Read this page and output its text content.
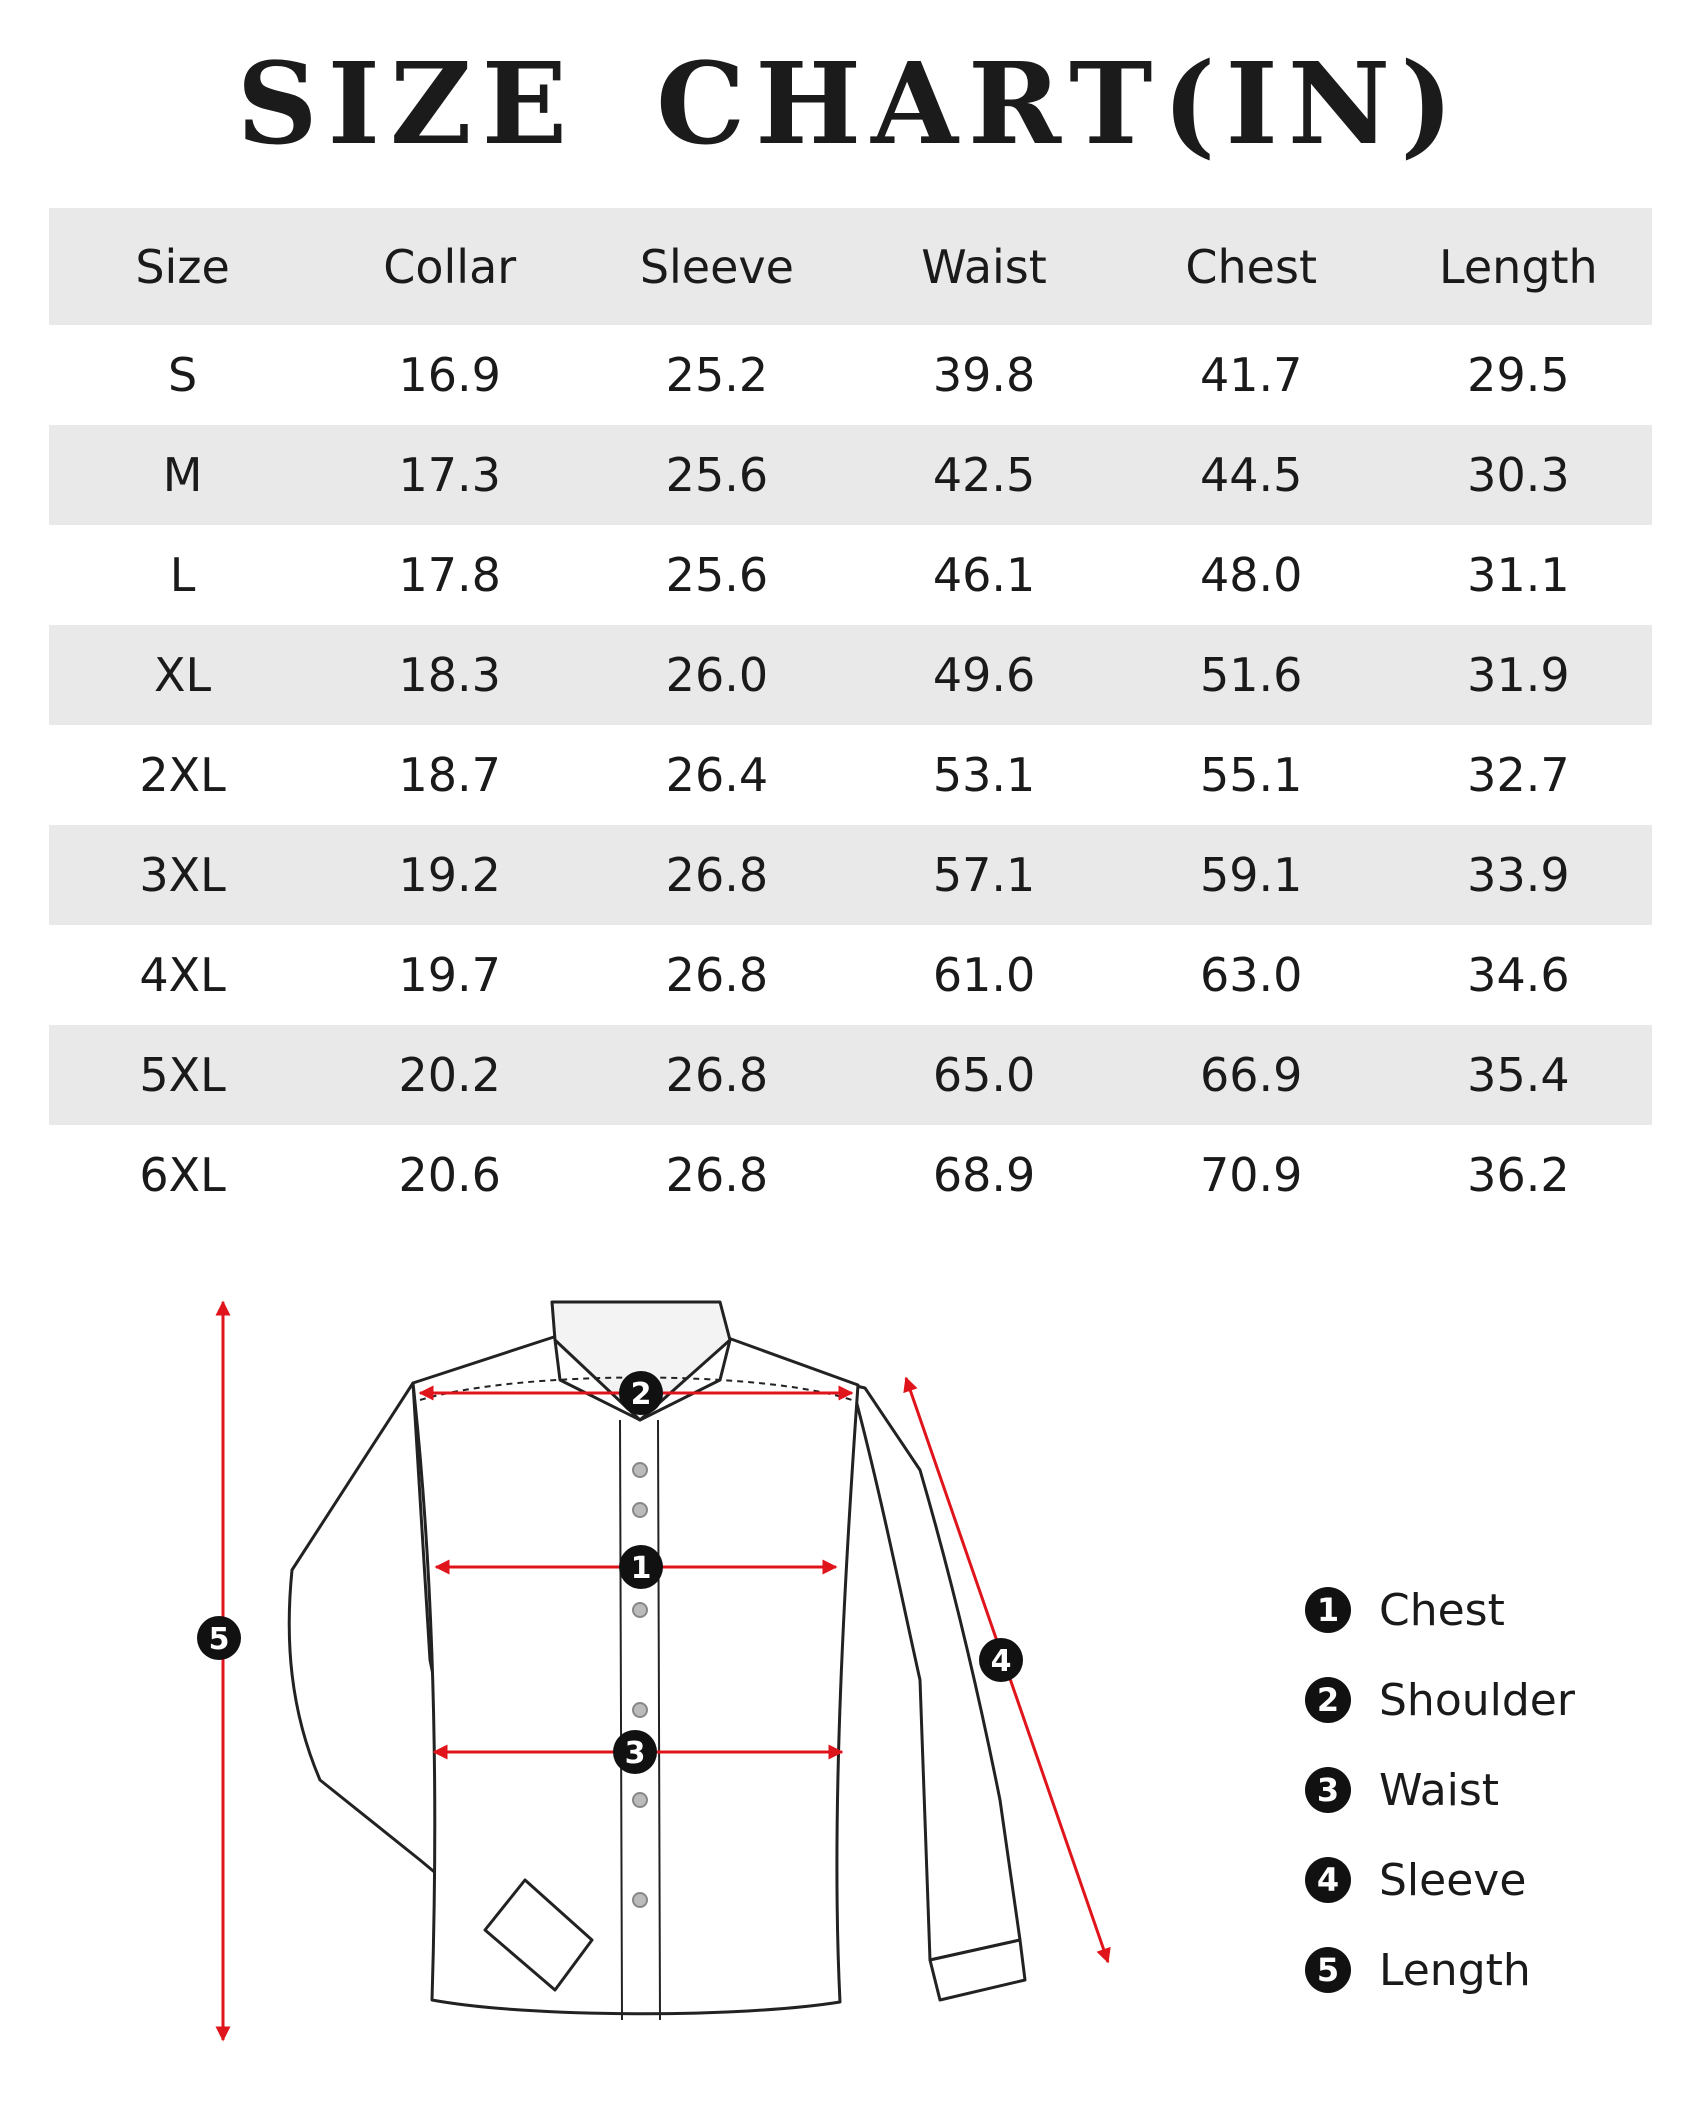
SIZE CHART(IN)
Size	Collar	Sleeve	Waist	Chest	Length
S	16.9	25.2	39.8	41.7	29.5
M	17.3	25.6	42.5	44.5	30.3
L	17.8	25.6	46.1	48.0	31.1
XL	18.3	26.0	49.6	51.6	31.9
2XL	18.7	26.4	53.1	55.1	32.7
3XL	19.2	26.8	57.1	59.1	33.9
4XL	19.7	26.8	61.0	63.0	34.6
5XL	20.2	26.8	65.0	66.9	35.4
6XL	20.6	26.8	68.9	70.9	36.2
2
1
3
4
5
1 Chest
2 Shoulder
3 Waist
4 Sleeve
5 Length
